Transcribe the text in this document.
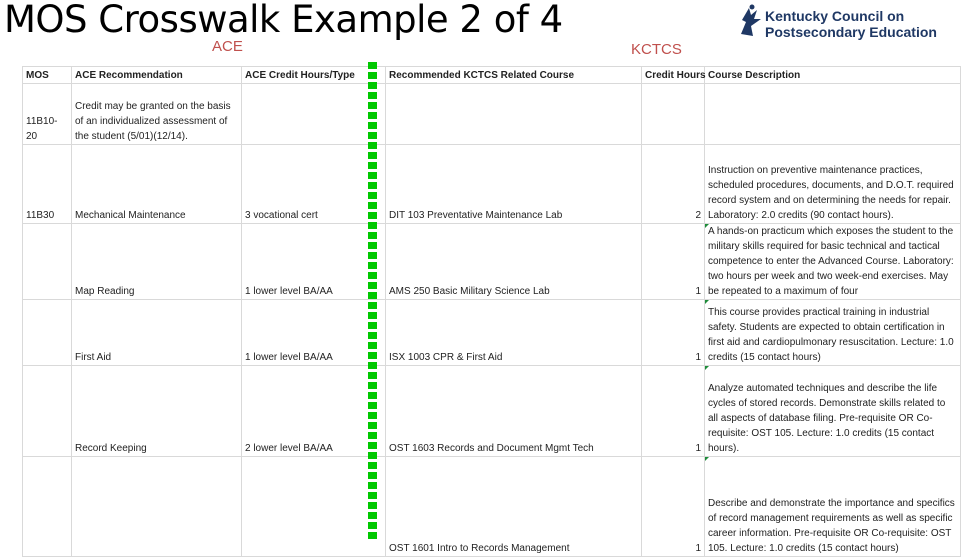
MOS Crosswalk Example 2 of 4
ACE	KCTCS
Kentucky Council on
Postsecondary Education
MOS	ACE Recommendation	ACE Credit Hours/Type	Recommended KCTCS Related Course	Credit Hours	Course Description
11B10-20	Credit may be granted on the basis of an individualized assessment of the student (5/01)(12/14).				
11B30	Mechanical Maintenance	3 vocational cert	DIT 103 Preventative Maintenance Lab	2	Instruction on preventive maintenance practices, scheduled procedures, documents, and D.O.T. required record system and on determining the needs for repair. Laboratory: 2.0 credits (90 contact hours).
	Map Reading	1 lower level BA/AA	AMS 250 Basic Military Science Lab	1	A hands-on practicum which exposes the student to the military skills required for basic technical and tactical competence to enter the Advanced Course. Laboratory: two hours per week and two week-end exercises. May be repeated to a maximum of four
	First Aid	1 lower level BA/AA	ISX 1003 CPR & First Aid	1	This course provides practical training in industrial safety. Students are expected to obtain certification in first aid and cardiopulmonary resuscitation. Lecture: 1.0 credits (15 contact hours)
	Record Keeping	2 lower level BA/AA	OST 1603 Records and Document Mgmt Tech	1	Analyze automated techniques and describe the life cycles of stored records. Demonstrate skills related to all aspects of database filing. Pre-requisite OR Co-requisite: OST 105. Lecture: 1.0 credits (15 contact hours).
			OST 1601 Intro to Records Management	1	Describe and demonstrate the importance and specifics of record management requirements as well as specific career information. Pre-requisite OR Co-requisite: OST 105. Lecture: 1.0 credits (15 contact hours)
